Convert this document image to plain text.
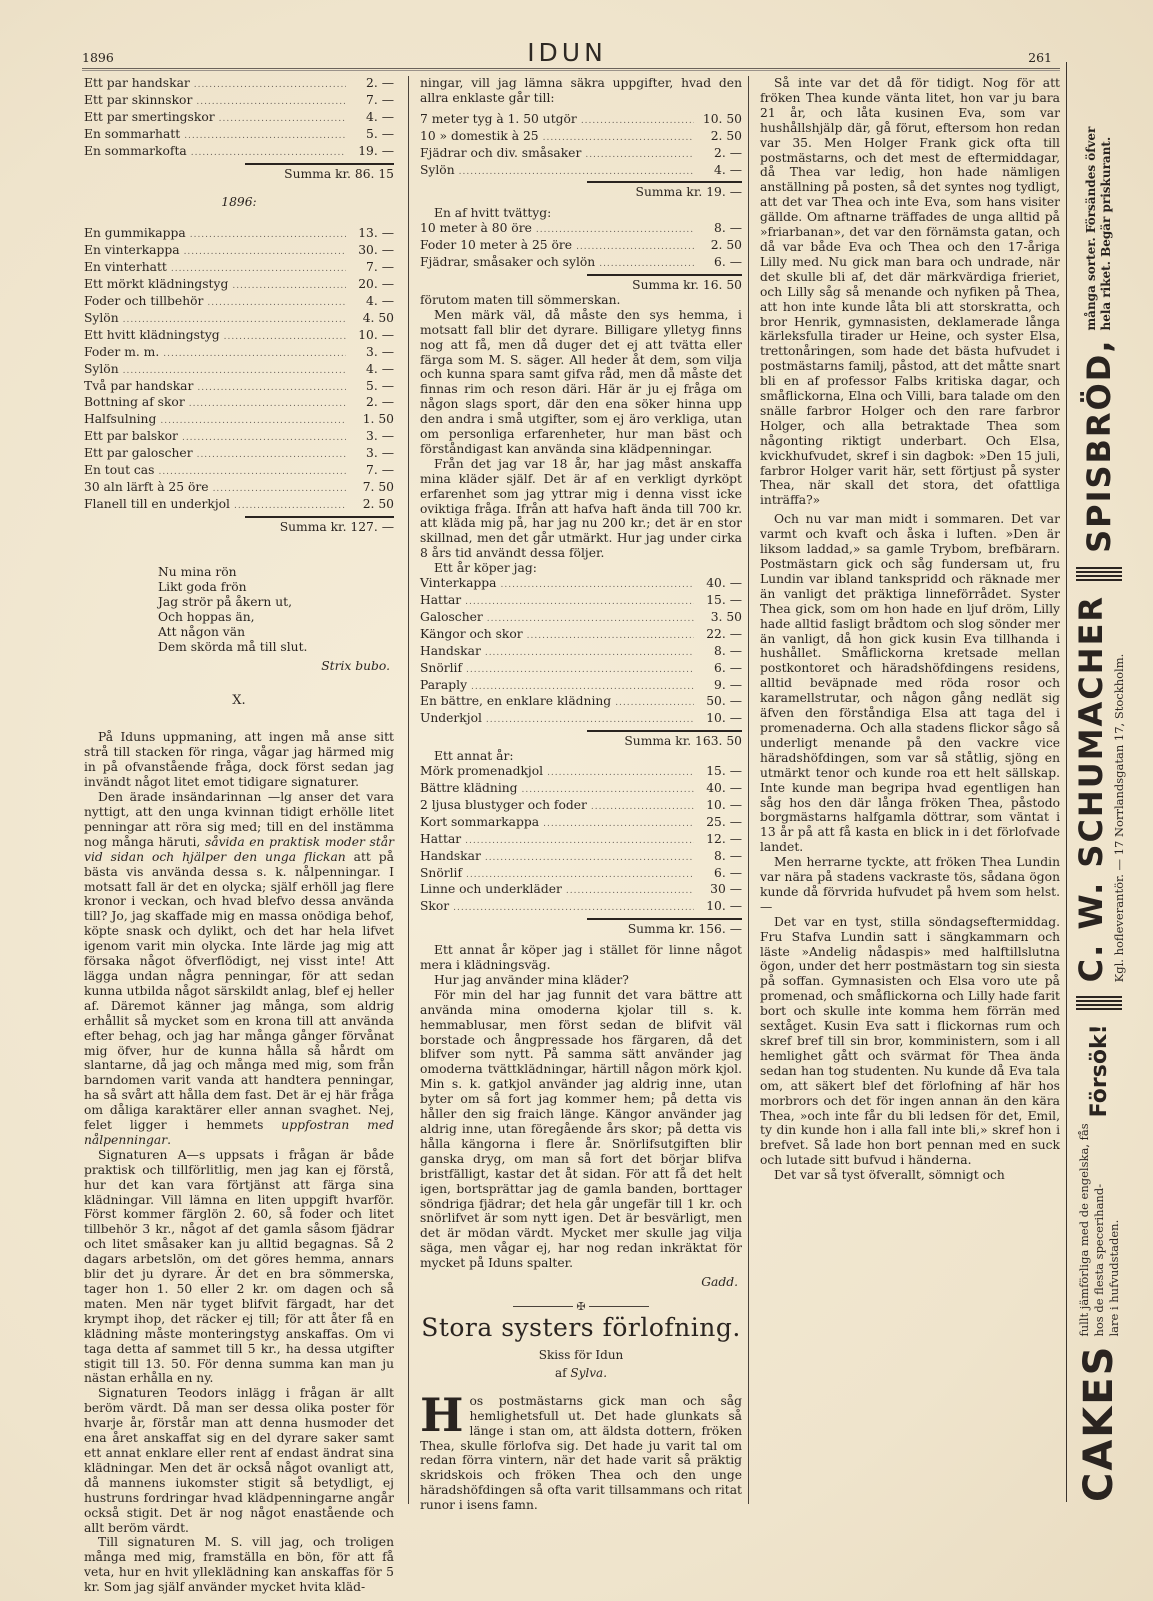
1896	IDUN	261
Ett par handskar .....	2. —
Ett par skinnskor .....	7. —
Ett par smertingskor .....	4. —
En sommarhatt .....	5. —
En sommarkofta .....	19. —
Summa kr. 86. 15
1896:
En gummikappa .....	13. —
En vinterkappa .....	30. —
En vinterhatt .....	7. —
Ett mörkt klädningstyg .....	20. —
Foder och tillbehör .....	4. —
Sylön .....	4. 50
Ett hvitt klädningstyg .....	10. —
Foder m. m. .....	3. —
Sylön .....	4. —
Två par handskar .....	5. —
Bottning af skor .....	2. —
Halfsulning .....	1. 50
Ett par balskor .....	3. —
Ett par galoscher .....	3. —
En tout cas .....	7. —
30 aln lärft à 25 öre .....	7. 50
Flanell till en underkjol .....	2. 50
Summa kr. 127. —
Nu mina rön
Likt goda frön
Jag strör på åkern ut,
Och hoppas än,
Att någon vän
Dem skörda må till slut.
Strix bubo.
X.

På Iduns uppmaning, att ingen må anse sitt strå till stacken för ringa, vågar jag härmed mig in på ofvanstående fråga, dock först sedan jag invändt något litet emot tidigare signaturer.

Den ärade insändarinnan —lg anser det vara nyttigt, att den unga kvinnan tidigt erhölle litet penningar att röra sig med; till en del instämma nog många häruti, såvida en praktisk moder står vid sidan och hjälper den unga flickan att på bästa vis använda dessa s. k. nålpenningar. I motsatt fall är det en olycka; själf erhöll jag flere kronor i veckan, och hvad blefvo dessa använda till? Jo, jag skaffade mig en massa onödiga behof, köpte snask och dylikt, och det har hela lifvet igenom varit min olycka. Inte lärde jag mig att försaka något öfverflödigt, nej visst inte! Att lägga undan några penningar, för att sedan kunna utbilda något särskildt anlag, blef ej heller af. Däremot känner jag många, som aldrig erhållit så mycket som en krona till att använda efter behag, och jag har många gånger förvånat mig öfver, hur de kunna hålla så hårdt om slantarne, då jag och många med mig, som från barndomen varit vanda att handtera penningar, ha så svårt att hålla dem fast. Det är ej här fråga om dåliga karaktärer eller annan svaghet. Nej, felet ligger i hemmets uppfostran med nålpenningar.

Signaturen A—s uppsats i frågan är både praktisk och tillförlitlig, men jag kan ej förstå, hur det kan vara förtjänst att färga sina klädningar. Vill lämna en liten uppgift hvarför. Först kommer färglön 2. 60, så foder och litet tillbehör 3 kr., något af det gamla såsom fjädrar och litet småsaker kan ju alltid begagnas. Så 2 dagars arbetslön, om det göres hemma, annars blir det ju dyrare. Är det en bra sömmerska, tager hon 1. 50 eller 2 kr. om dagen och så maten. Men när tyget blifvit färgadt, har det krympt ihop, det räcker ej till; för att åter få en klädning måste monteringstyg anskaffas. Om vi taga detta af sammet till 5 kr., ha dessa utgifter stigit till 13. 50. För denna summa kan man ju nästan erhålla en ny.

Signaturen Teodors inlägg i frågan är allt beröm värdt. Då man ser dessa olika poster för hvarje år, förstår man att denna husmoder det ena året anskaffat sig en del dyrare saker samt ett annat enklare eller rent af endast ändrat sina klädningar. Men det är också något ovanligt att, då mannens iukomster stigit så betydligt, ej hustruns fordringar hvad klädpenningarne angår också stigit. Det är nog något enastående och allt beröm värdt.

Till signaturen M. S. vill jag, och troligen många med mig, framställa en bön, för att få veta, hur en hvit ylleklädning kan anskaffas för 5 kr. Som jag själf använder mycket hvita kläd-

ningar, vill jag lämna säkra uppgifter, hvad den allra enklaste går till:

7 meter tyg à 1. 50 utgör .....	10. 50
10 » domestik à 25 .....	2. 50
Fjädrar och div. småsaker .....	2. —
Sylön .....	4. —
Summa kr. 19. —
En af hvitt tvättyg:
10 meter à 80 öre .....	8. —
Foder 10 meter à 25 öre .....	2. 50
Fjädrar, småsaker och sylön .....	6. —
Summa kr. 16. 50

förutom maten till sömmerskan.

Men märk väl, då måste den sys hemma, i motsatt fall blir det dyrare. Billigare ylletyg finns nog att få, men då duger det ej att tvätta eller färga som M. S. säger. All heder åt dem, som vilja och kunna spara samt gifva råd, men då måste det finnas rim och reson däri. Här är ju ej fråga om någon slags sport, där den ena söker hinna upp den andra i små utgifter, som ej äro verkliga, utan om personliga erfarenheter, hur man bäst och förståndigast kan använda sina klädpenningar.

Från det jag var 18 år, har jag måst anskaffa mina kläder själf. Det är af en verkligt dyrköpt erfarenhet som jag yttrar mig i denna visst icke oviktiga fråga. Ifrån att hafva haft ända till 700 kr. att kläda mig på, har jag nu 200 kr.; det är en stor skillnad, men det går utmärkt. Hur jag under cirka 8 års tid användt dessa följer.

Ett år köper jag:
Vinterkappa .....	40. —
Hattar .....	15. —
Galoscher .....	3. 50
Kängor och skor .....	22. —
Handskar .....	8. —
Snörlif .....	6. —
Paraply .....	9. —
En bättre, en enklare klädning .....	50. —
Underkjol .....	10. —
Summa kr. 163. 50
Ett annat år:
Mörk promenadkjol .....	15. —
Bättre klädning .....	40. —
2 ljusa blustyger och foder .....	10. —
Kort sommarkappa .....	25. —
Hattar .....	12. —
Handskar .....	8. —
Snörlif .....	6. —
Linne och underkläder .....	30 —
Skor .....	10. —
Summa kr. 156. —

Ett annat år köper jag i stället för linne något mera i klädningsväg.

Hur jag använder mina kläder?

För min del har jag funnit det vara bättre att använda mina omoderna kjolar till s. k. hemmablusar, men först sedan de blifvit väl borstade och ångpressade hos färgaren, då det blifver som nytt. På samma sätt använder jag omoderna tvättklädningar, härtill någon mörk kjol. Min s. k. gatkjol använder jag aldrig inne, utan byter om så fort jag kommer hem; på detta vis håller den sig fraich länge. Kängor använder jag aldrig inne, utan föregående års skor; på detta vis hålla kängorna i flere år. Snörlifsutgiften blir ganska dryg, om man så fort det börjar blifva bristfälligt, kastar det åt sidan. För att få det helt igen, bortsprättar jag de gamla banden, borttager söndriga fjädrar; det hela går ungefär till 1 kr. och snörlifvet är som nytt igen. Det är besvärligt, men det är mödan värdt. Mycket mer skulle jag vilja säga, men vågar ej, har nog redan inkräktat för mycket på Iduns spalter.

Gadd.
✠
Stora systers förlofning.
Skiss för Idun
af Sylva.

Hos postmästarns gick man och såg hemlighetsfull ut. Det hade glunkats så länge i stan om, att äldsta dottern, fröken Thea, skulle förlofva sig. Det hade ju varit tal om redan förra vintern, när det hade varit så präktig skridskois och fröken Thea och den unge häradshöfdingen så ofta varit tillsammans och ritat runor i isens famn.

Så inte var det då för tidigt. Nog för att fröken Thea kunde vänta litet, hon var ju bara 21 år, och låta kusinen Eva, som var hushållshjälp där, gå förut, eftersom hon redan var 35. Men Holger Frank gick ofta till postmästarns, och det mest de eftermiddagar, då Thea var ledig, hon hade nämligen anställning på posten, så det syntes nog tydligt, att det var Thea och inte Eva, som hans visiter gällde. Om aftnarne träffades de unga alltid på »friarbanan», det var den förnämsta gatan, och då var både Eva och Thea och den 17-åriga Lilly med. Nu gick man bara och undrade, när det skulle bli af, det där märkvärdiga frieriet, och Lilly såg så menande och nyfiken på Thea, att hon inte kunde låta bli att storskratta, och bror Henrik, gymnasisten, deklamerade långa kärleksfulla tirader ur Heine, och syster Elsa, trettonåringen, som hade det bästa hufvudet i postmästarns familj, påstod, att det måtte snart bli en af professor Falbs kritiska dagar, och småflickorna, Elna och Villi, bara talade om den snälle farbror Holger och den rare farbror Holger, och alla betraktade Thea som någonting riktigt underbart. Och Elsa, kvickhufvudet, skref i sin dagbok: »Den 15 juli, farbror Holger varit här, sett förtjust på syster Thea, när skall det stora, det ofattliga inträffa?»

Och nu var man midt i sommaren. Det var varmt och kvaft och åska i luften. »Den är liksom laddad,» sa gamle Trybom, brefbärarn. Postmästarn gick och såg fundersam ut, fru Lundin var ibland tankspridd och räknade mer än vanligt det präktiga linneförrådet. Syster Thea gick, som om hon hade en ljuf dröm, Lilly hade alltid fasligt brådtom och slog sönder mer än vanligt, då hon gick kusin Eva tillhanda i hushållet. Småflickorna kretsade mellan postkontoret och häradshöfdingens residens, alltid beväpnade med röda rosor och karamellstrutar, och någon gång nedlät sig äfven den förståndiga Elsa att taga del i promenaderna. Och alla stadens flickor sågo så underligt menande på den vackre vice häradshöfdingen, som var så ståtlig, sjöng en utmärkt tenor och kunde roa ett helt sällskap. Inte kunde man begripa hvad egentligen han såg hos den där långa fröken Thea, påstodo borgmästarns halfgamla döttrar, som väntat i 13 år på att få kasta en blick in i det förlofvade landet.

Men herrarne tyckte, att fröken Thea Lundin var nära på stadens vackraste tös, sådana ögon kunde då förvrida hufvudet på hvem som helst. —

Det var en tyst, stilla söndagseftermiddag. Fru Stafva Lundin satt i sängkammarn och läste »Andelig nådaspis» med halftillslutna ögon, under det herr postmästarn tog sin siesta på soffan. Gymnasisten och Elsa voro ute på promenad, och småflickorna och Lilly hade farit bort och skulle inte komma hem förrän med sextåget. Kusin Eva satt i flickornas rum och skref bref till sin bror, komministern, som i all hemlighet gått och svärmat för Thea ända sedan han tog studenten. Nu kunde då Eva tala om, att säkert blef det förlofning af här hos morbrors och det för ingen annan än den kära Thea, »och inte får du bli ledsen för det, Emil, ty din kunde hon i alla fall inte bli,» skref hon i brefvet. Så lade hon bort pennan med en suck och lutade sitt bufvud i händerna.

Det var så tyst öfverallt, sömnigt och

CAKES
fullt jämförliga med de engelska, fås hos de flesta specerihand- lare i hufvudstaden.
Försök!
C. W. SCHUMACHER Kgl. hofleverantör. — 17 Norrlandsgatan 17, Stockholm.
SPISBRÖD,
många sorter. Försändes öfver hela riket. Begär priskurant.
